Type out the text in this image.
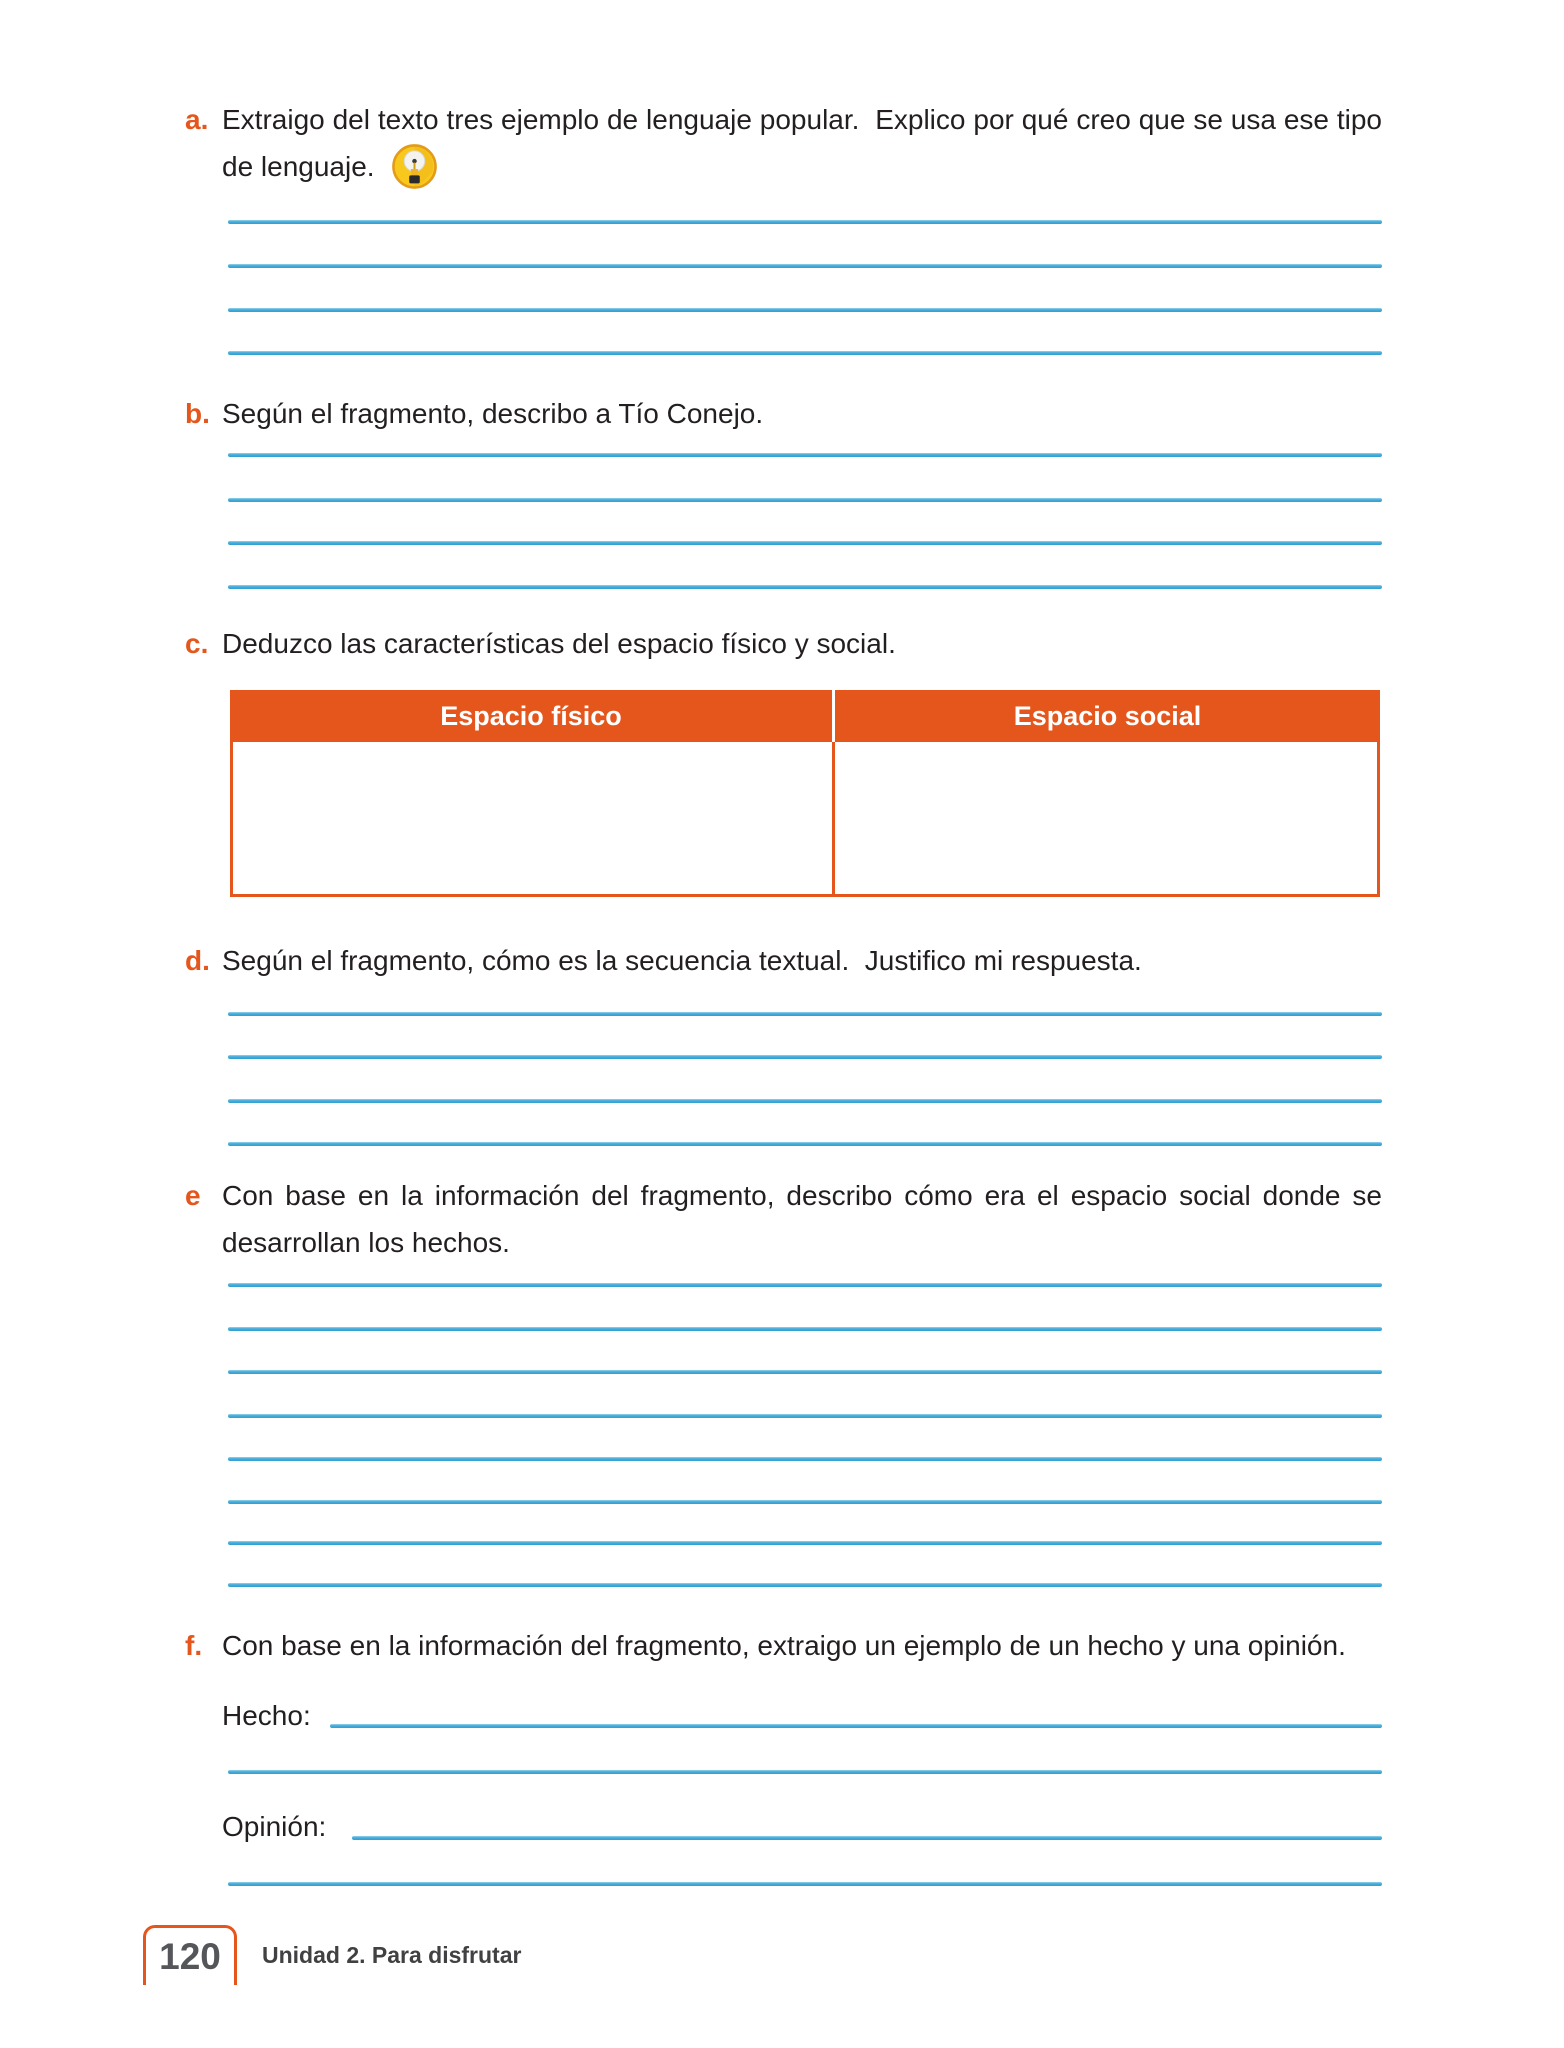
a. Extraigo del texto tres ejemplo de lenguaje popular.  Explico por qué creo que se usa ese tipo de lenguaje.
b. Según el fragmento, describo a Tío Conejo.
c. Deduzco las características del espacio físico y social.
Espacio físico	Espacio social
d. Según el fragmento, cómo es la secuencia textual.  Justifico mi respuesta.
e Con base en la información del fragmento, describo cómo era el espacio social donde se desarrollan los hechos.
f. Con base en la información del fragmento, extraigo un ejemplo de un hecho y una opinión.
Hecho:
Opinión:
120 Unidad 2. Para disfrutar
